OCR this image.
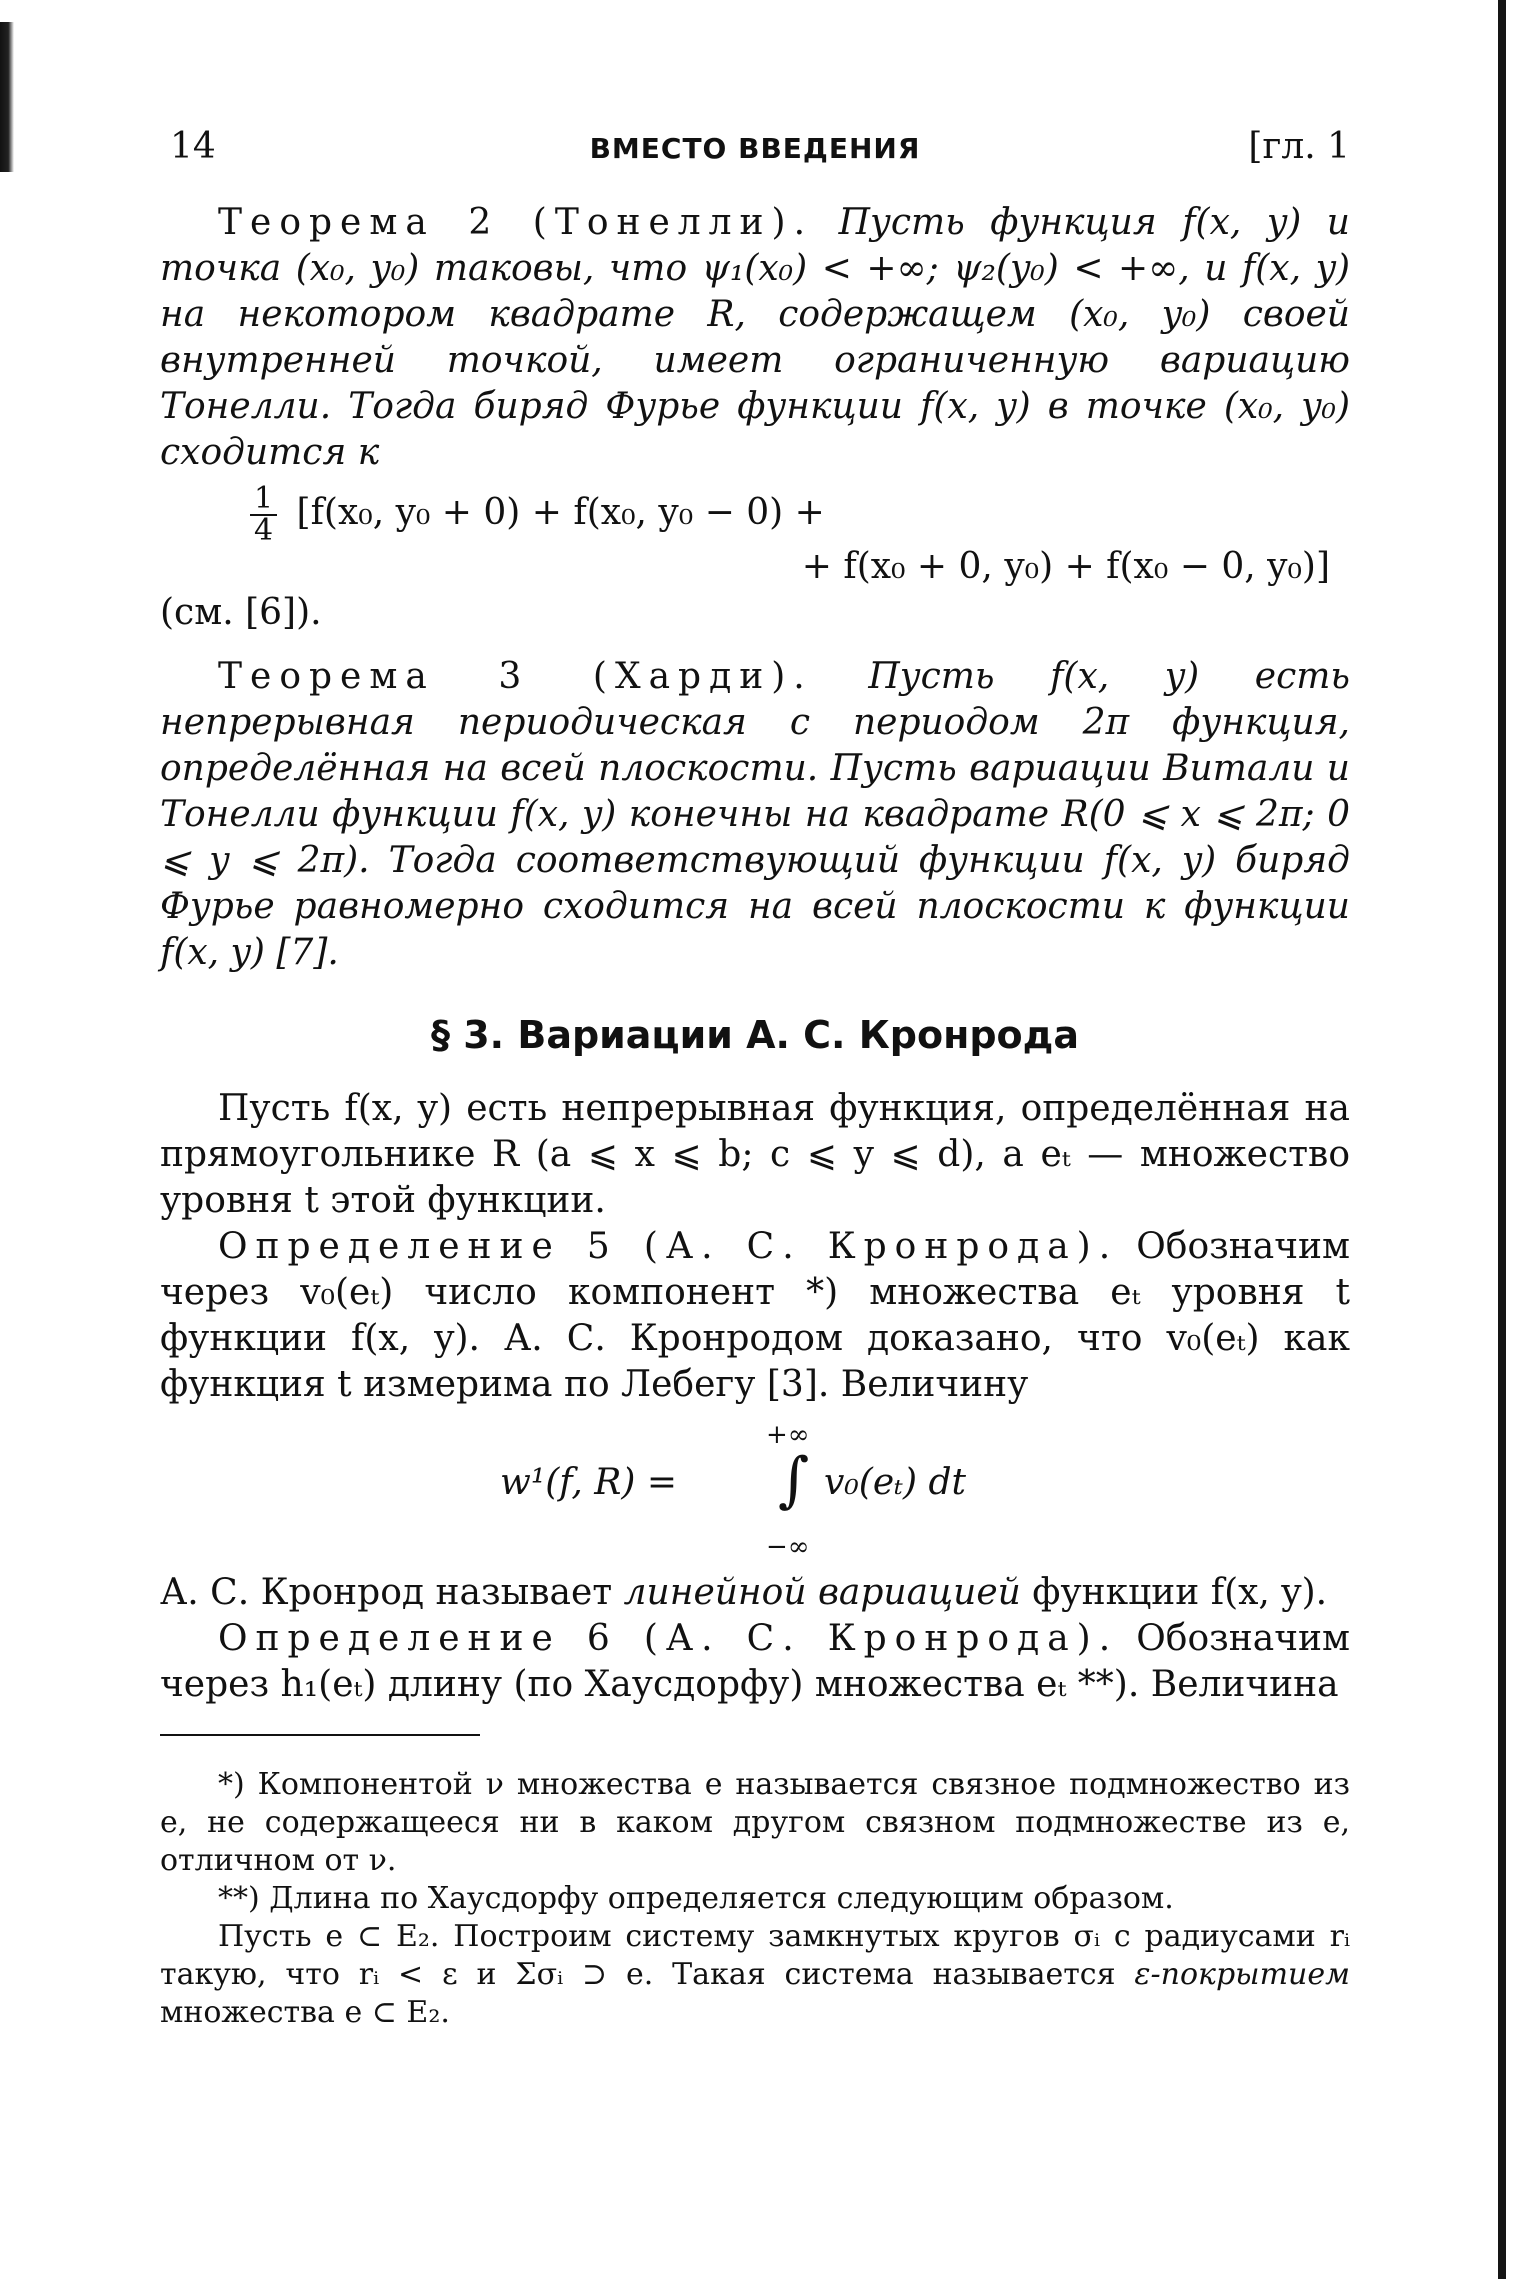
14	ВМЕСТО ВВЕДЕНИЯ	[гл. 1

Теорема 2 (Тонелли). Пусть функция f(x, y) и точка (x₀, y₀) таковы, что ψ₁(x₀) < +∞; ψ₂(y₀) < +∞, и f(x, y) на некотором квадрате R, содержащем (x₀, y₀) своей внутренней точкой, имеет ограниченную вариацию Тонелли. Тогда биряд Фурье функции f(x, y) в точке (x₀, y₀) сходится к

$\frac{1}{4} [f(x_0$, y₀ + 0) + f(x₀, y₀ − 0) +
+ f(x₀ + 0, y₀) + f(x₀ − 0, y₀)]
(см. [6]).

Теорема 3 (Харди). Пусть f(x, y) есть непрерывная периодическая с периодом 2π функция, определённая на всей плоскости. Пусть вариации Витали и Тонелли функции f(x, y) конечны на квадрате R(0 ⩽ x ⩽ 2π; 0 ⩽ y ⩽ 2π). Тогда соответствующий функции f(x, y) биряд Фурье равномерно сходится на всей плоскости к функции f(x, y) [7].

§ 3. Вариации А. С. Кронрода

Пусть f(x, y) есть непрерывная функция, определённая на прямоугольнике R (a ⩽ x ⩽ b; c ⩽ y ⩽ d), а eₜ — множество уровня t этой функции.

Определение 5 (А. С. Кронрода). Обозначим через v₀(eₜ) число компонент *) множества eₜ уровня t функции f(x, y). А. С. Кронродом доказано, что v₀(eₜ) как функция t измерима по Лебегу [3]. Величину

+∞
w¹(f, R) = ∫ v₀(eₜ) dt
−∞

А. С. Кронрод называет линейной вариацией функции f(x, y).

Определение 6 (А. С. Кронрода). Обозначим через h₁(eₜ) длину (по Хаусдорфу) множества eₜ **). Величина

*) Компонентой ν множества e называется связное подмножество из e, не содержащееся ни в каком другом связном подмножестве из e, отличном от ν.

**) Длина по Хаусдорфу определяется следующим образом.

Пусть e ⊂ E₂. Построим систему замкнутых кругов σᵢ с радиусами rᵢ такую, что rᵢ < ε и Σσᵢ ⊃ e. Такая система называется ε-покрытием множества e ⊂ E₂.
